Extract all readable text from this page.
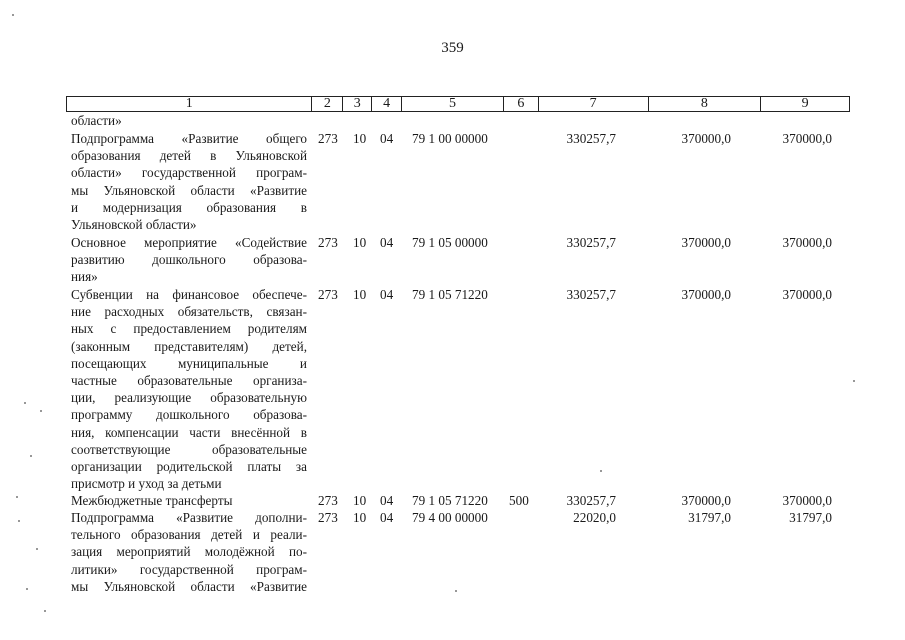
359
1	2	3	4	5	6	7	8	9
области»
Подпрограмма «Развитие общего
образования детей в Ульяновской
области» государственной програм-
мы Ульяновской области «Развитие
и модернизация образования в
Ульяновской области»
273 10 04 79 1 00 00000	330257,7	370000,0	370000,0
Основное мероприятие «Содействие
развитию дошкольного образова-
ния»
273 10 04 79 1 05 00000	330257,7	370000,0	370000,0
Субвенции на финансовое обеспече-
ние расходных обязательств, связан-
ных с предоставлением родителям
(законным представителям) детей,
посещающих муниципальные и
частные образовательные организа-
ции, реализующие образовательную
программу дошкольного образова-
ния, компенсации части внесённой в
соответствующие образовательные
организации родительской платы за
присмотр и уход за детьми
273 10 04 79 1 05 71220	330257,7	370000,0	370000,0
Межбюджетные трансферты	273 10 04 79 1 05 71220 500	330257,7	370000,0	370000,0
Подпрограмма «Развитие дополни-
тельного образования детей и реали-
зация мероприятий молодёжной по-
литики» государственной програм-
мы Ульяновской области «Развитие
273 10 04 79 4 00 00000	22020,0	31797,0	31797,0
